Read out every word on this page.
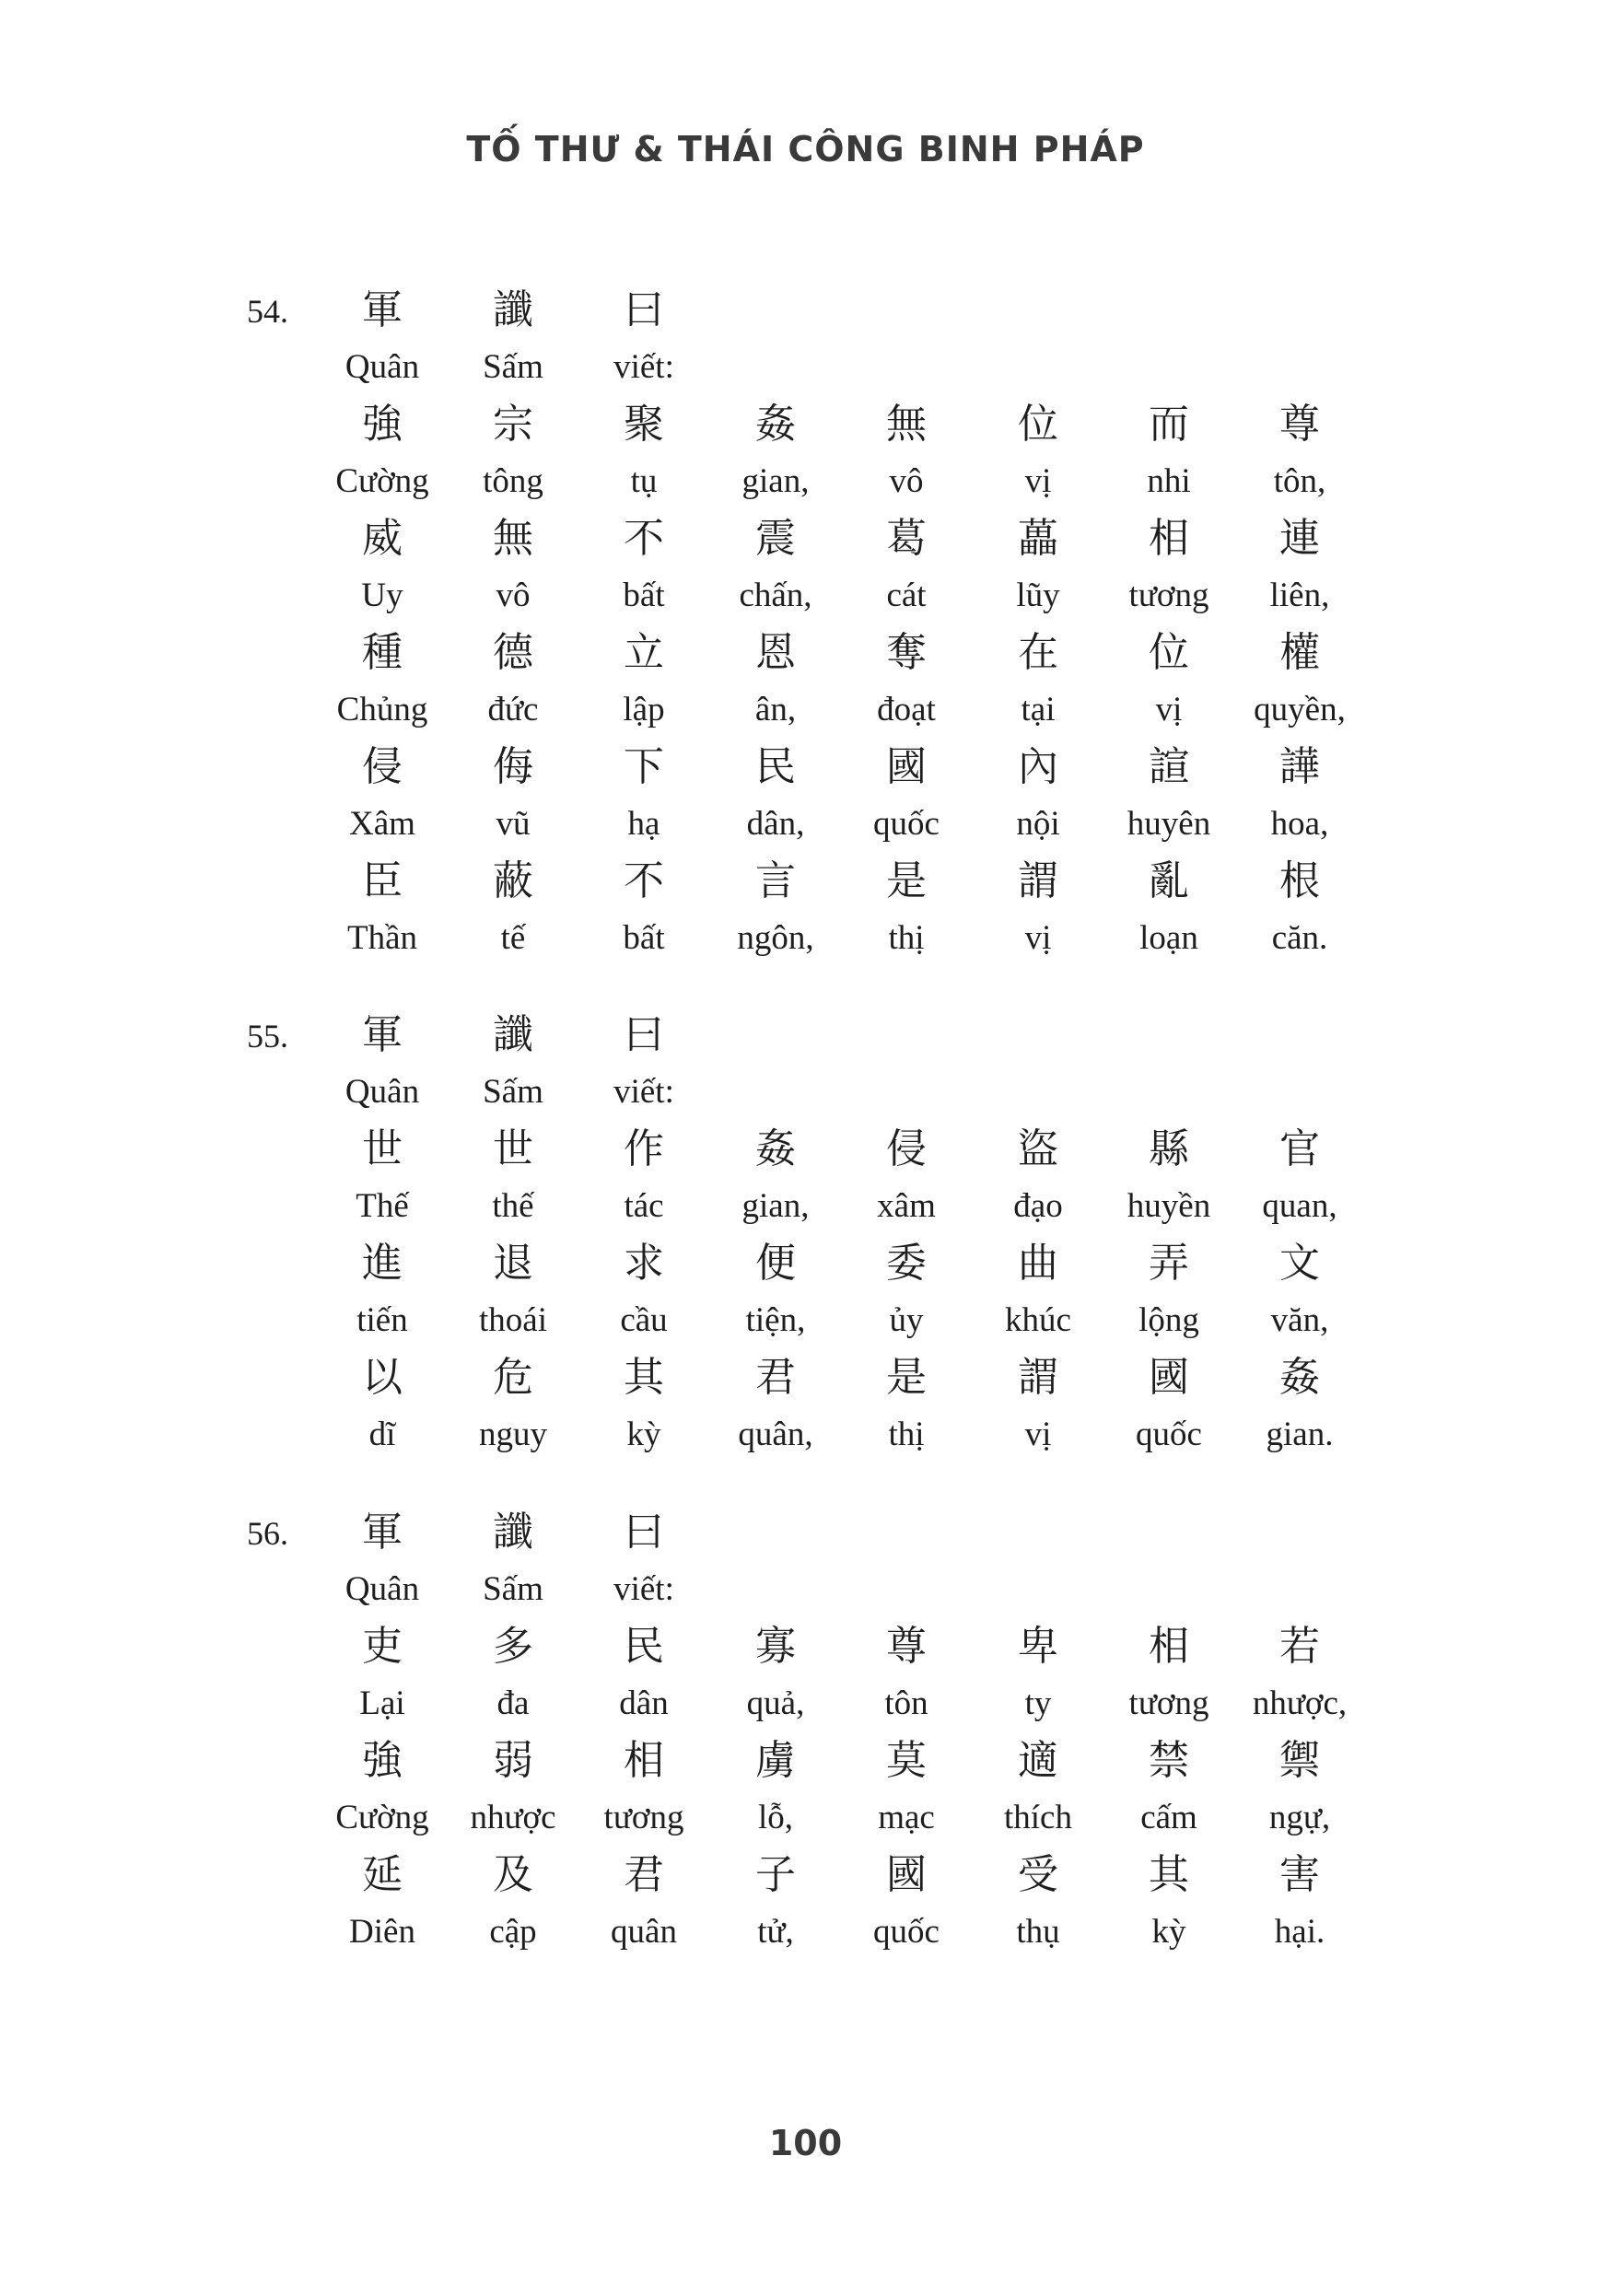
TỐ THƯ & THÁI CÔNG BINH PHÁP
54.	軍	讖	曰
Quân	Sấm	viết:
強	宗	聚	姦	無	位	而	尊
Cường	tông	tụ	gian,	vô	vị	nhi	tôn,
威	無	不	震	葛	藟	相	連
Uy	vô	bất	chấn,	cát	lũy	tương	liên,
種	德	立	恩	奪	在	位	權
Chủng	đức	lập	ân,	đoạt	tại	vị	quyền,
侵	侮	下	民	國	內	諠	譁
Xâm	vũ	hạ	dân,	quốc	nội	huyên	hoa,
臣	蔽	不	言	是	謂	亂	根
Thần	tế	bất	ngôn,	thị	vị	loạn	căn.
55.	軍	讖	曰
Quân	Sấm	viết:
世	世	作	姦	侵	盜	縣	官
Thế	thế	tác	gian,	xâm	đạo	huyền	quan,
進	退	求	便	委	曲	弄	文
tiến	thoái	cầu	tiện,	ủy	khúc	lộng	văn,
以	危	其	君	是	謂	國	姦
dĩ	nguy	kỳ	quân,	thị	vị	quốc	gian.
56.	軍	讖	曰
Quân	Sấm	viết:
吏	多	民	寡	尊	卑	相	若
Lại	đa	dân	quả,	tôn	ty	tương	nhược,
強	弱	相	虜	莫	適	禁	禦
Cường	nhược	tương	lỗ,	mạc	thích	cấm	ngự,
延	及	君	子	國	受	其	害
Diên	cập	quân	tử,	quốc	thụ	kỳ	hại.
100
